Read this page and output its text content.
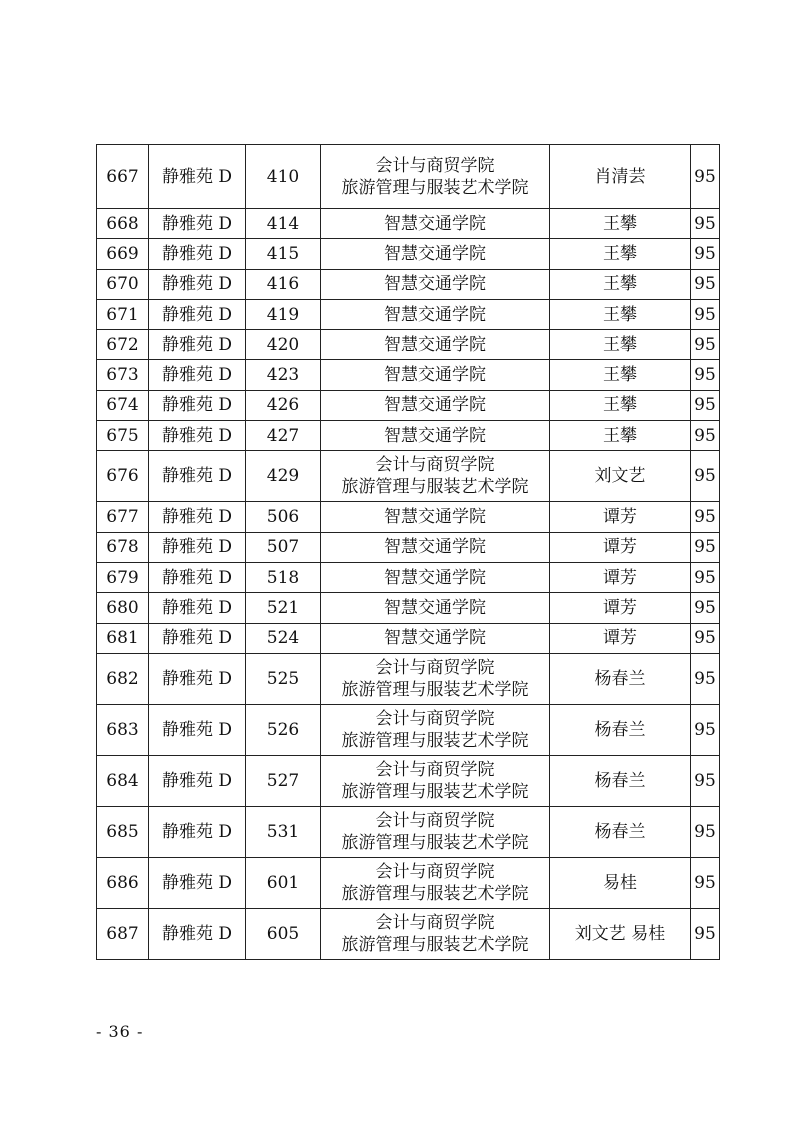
667	静雅苑 D	410	会计与商贸学院
旅游管理与服装艺术学院	肖清芸	95
668	静雅苑 D	414	智慧交通学院	王攀	95
669	静雅苑 D	415	智慧交通学院	王攀	95
670	静雅苑 D	416	智慧交通学院	王攀	95
671	静雅苑 D	419	智慧交通学院	王攀	95
672	静雅苑 D	420	智慧交通学院	王攀	95
673	静雅苑 D	423	智慧交通学院	王攀	95
674	静雅苑 D	426	智慧交通学院	王攀	95
675	静雅苑 D	427	智慧交通学院	王攀	95
676	静雅苑 D	429	会计与商贸学院
旅游管理与服装艺术学院	刘文艺	95
677	静雅苑 D	506	智慧交通学院	谭芳	95
678	静雅苑 D	507	智慧交通学院	谭芳	95
679	静雅苑 D	518	智慧交通学院	谭芳	95
680	静雅苑 D	521	智慧交通学院	谭芳	95
681	静雅苑 D	524	智慧交通学院	谭芳	95
682	静雅苑 D	525	会计与商贸学院
旅游管理与服装艺术学院	杨春兰	95
683	静雅苑 D	526	会计与商贸学院
旅游管理与服装艺术学院	杨春兰	95
684	静雅苑 D	527	会计与商贸学院
旅游管理与服装艺术学院	杨春兰	95
685	静雅苑 D	531	会计与商贸学院
旅游管理与服装艺术学院	杨春兰	95
686	静雅苑 D	601	会计与商贸学院
旅游管理与服装艺术学院	易桂	95
687	静雅苑 D	605	会计与商贸学院
旅游管理与服装艺术学院	刘文艺 易桂	95
- 36 -
